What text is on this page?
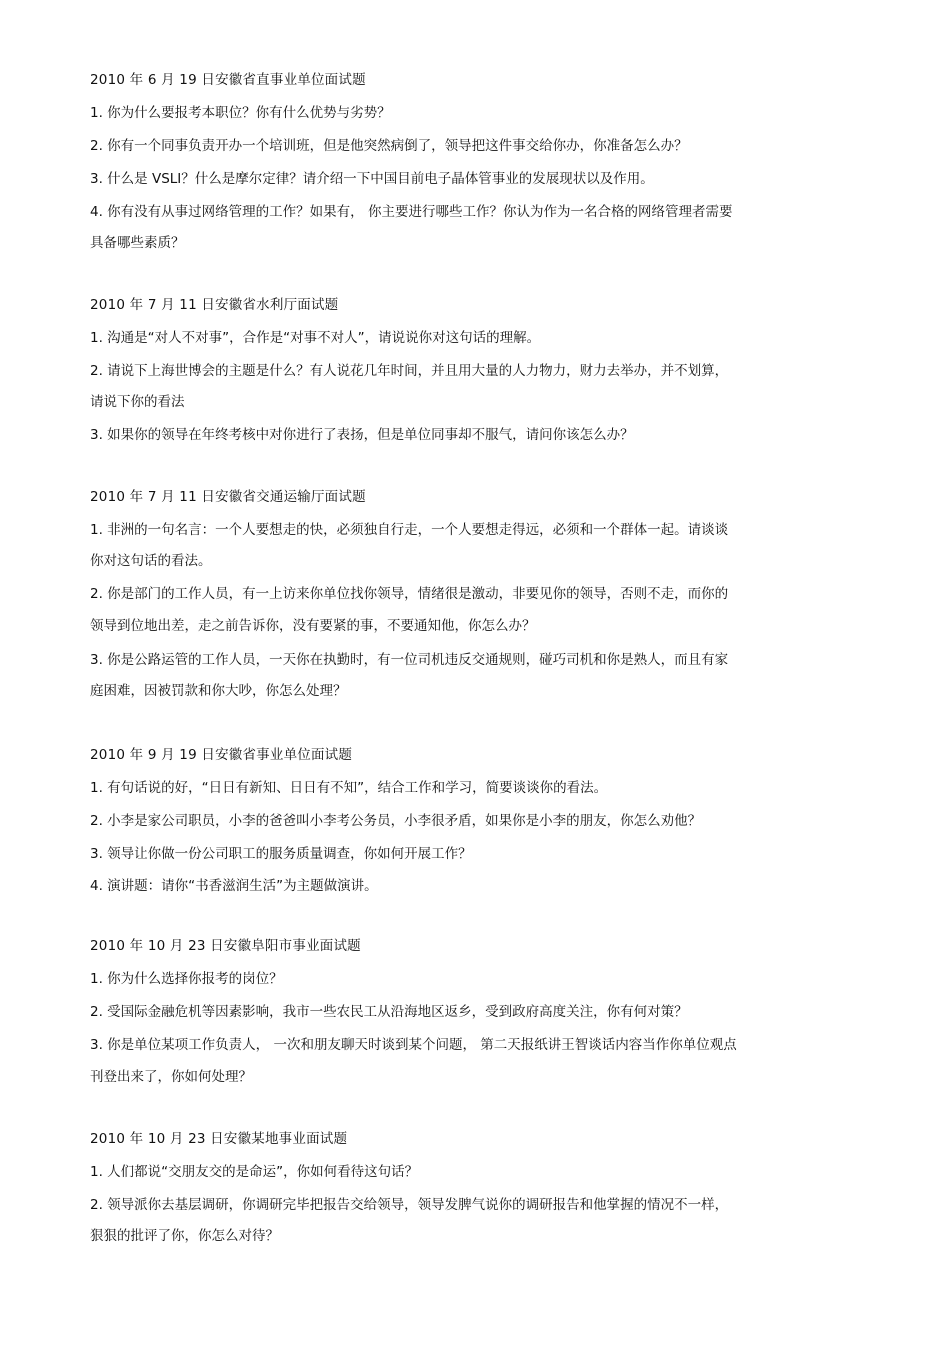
2010 年 6 月 19 日安徽省直事业单位面试题
1. 你为什么要报考本职位？你有什么优势与劣势？
2. 你有一个同事负责开办一个培训班，但是他突然病倒了，领导把这件事交给你办，你准备怎么办？
3. 什么是 VSLI？什么是摩尔定律？请介绍一下中国目前电子晶体管事业的发展现状以及作用。
4. 你有没有从事过网络管理的工作？如果有， 你主要进行哪些工作？你认为作为一名合格的网络管理者需要
具备哪些素质？
2010 年 7 月 11 日安徽省水利厅面试题
1. 沟通是“对人不对事”，合作是“对事不对人”，请说说你对这句话的理解。
2. 请说下上海世博会的主题是什么？有人说花几年时间，并且用大量的人力物力，财力去举办，并不划算，
请说下你的看法
3. 如果你的领导在年终考核中对你进行了表扬，但是单位同事却不服气，请问你该怎么办？
2010 年 7 月 11 日安徽省交通运输厅面试题
1. 非洲的一句名言：一个人要想走的快，必须独自行走，一个人要想走得远，必须和一个群体一起。请谈谈
你对这句话的看法。
2. 你是部门的工作人员，有一上访来你单位找你领导，情绪很是激动，非要见你的领导，否则不走，而你的
领导到位地出差，走之前告诉你，没有要紧的事，不要通知他，你怎么办？
3. 你是公路运管的工作人员，一天你在执勤时，有一位司机违反交通规则，碰巧司机和你是熟人，而且有家
庭困难，因被罚款和你大吵，你怎么处理？
2010 年 9 月 19 日安徽省事业单位面试题
1. 有句话说的好，“日日有新知、日日有不知”，结合工作和学习，简要谈谈你的看法。
2. 小李是家公司职员，小李的爸爸叫小李考公务员，小李很矛盾，如果你是小李的朋友，你怎么劝他？
3. 领导让你做一份公司职工的服务质量调查，你如何开展工作？
4. 演讲题：请你“书香滋润生活”为主题做演讲。
2010 年 10 月 23 日安徽阜阳市事业面试题
1. 你为什么选择你报考的岗位？
2. 受国际金融危机等因素影响，我市一些农民工从沿海地区返乡，受到政府高度关注，你有何对策？
3. 你是单位某项工作负责人， 一次和朋友聊天时谈到某个问题， 第二天报纸讲王智谈话内容当作你单位观点
刊登出来了，你如何处理？
2010 年 10 月 23 日安徽某地事业面试题
1. 人们都说“交朋友交的是命运”，你如何看待这句话？
2. 领导派你去基层调研，你调研完毕把报告交给领导，领导发脾气说你的调研报告和他掌握的情况不一样，
狠狠的批评了你，你怎么对待？
